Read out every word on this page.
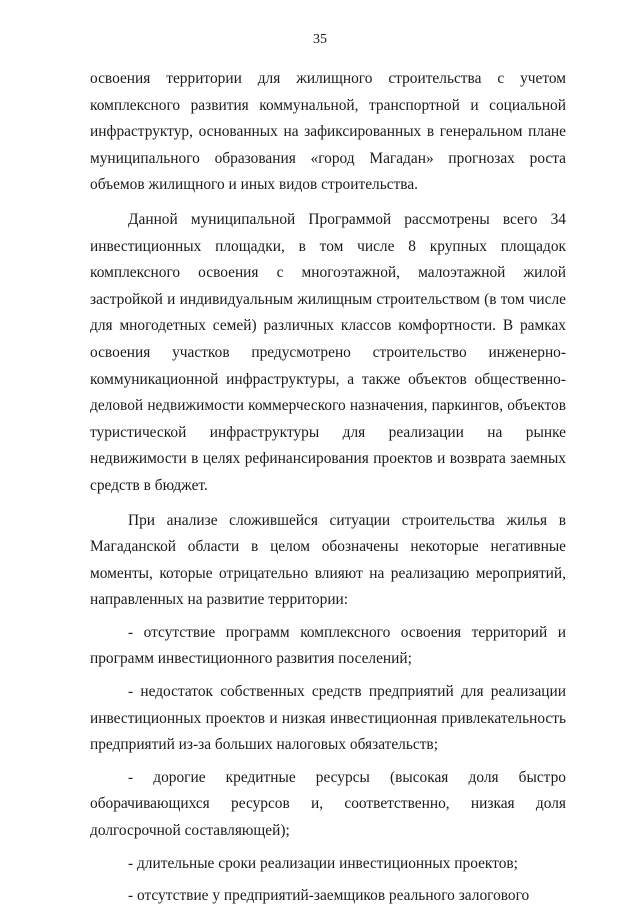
35

освоения территории для жилищного строительства с учетом комплексного развития коммунальной, транспортной и социальной инфраструктур, основанных на зафиксированных в генеральном плане муниципального образования «город Магадан» прогнозах роста объемов жилищного и иных видов строительства.

Данной муниципальной Программой рассмотрены всего 34 инвестиционных площадки, в том числе 8 крупных площадок комплексного освоения с многоэтажной, малоэтажной жилой застройкой и индивидуальным жилищным строительством (в том числе для многодетных семей) различных классов комфортности. В рамках освоения участков предусмотрено строительство инженерно-коммуникационной инфраструктуры, а также объектов общественно-деловой недвижимости коммерческого назначения, паркингов, объектов туристической инфраструктуры для реализации на рынке недвижимости в целях рефинансирования проектов и возврата заемных средств в бюджет.

При анализе сложившейся ситуации строительства жилья в Магаданской области в целом обозначены некоторые негативные моменты, которые отрицательно влияют на реализацию мероприятий, направленных на развитие территории:

- отсутствие программ комплексного освоения территорий и программ инвестиционного развития поселений;

- недостаток собственных средств предприятий для реализации инвестиционных проектов и низкая инвестиционная привлекательность предприятий из-за больших налоговых обязательств;

- дорогие кредитные ресурсы (высокая доля быстро оборачивающихся ресурсов и, соответственно, низкая доля долгосрочной составляющей);

- длительные сроки реализации инвестиционных проектов;

- отсутствие у предприятий-заемщиков реального залогового
